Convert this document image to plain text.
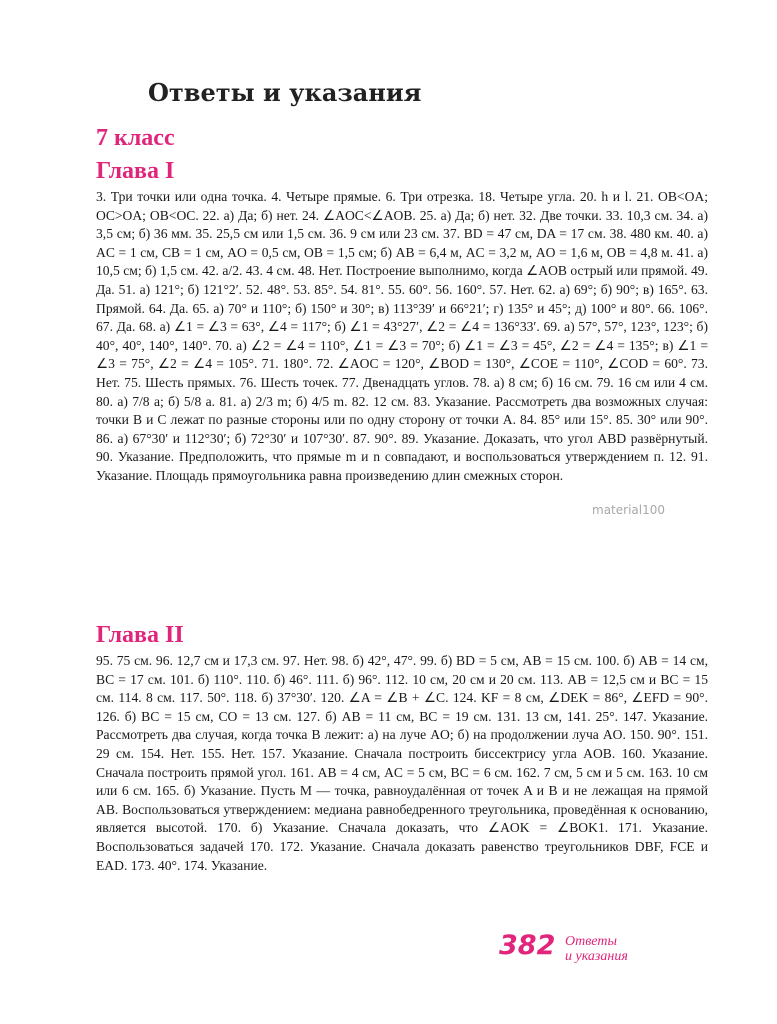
Ответы и указания
7 класс
Глава I

3. Три точки или одна точка. 4. Четыре прямые. 6. Три отрезка. 18. Четыре угла. 20. h и l. 21. OB<OA; OC>OA; OB<OC. 22. а) Да; б) нет. 24. ∠AOC<∠AOB. 25. а) Да; б) нет. 32. Две точки. 33. 10,3 см. 34. а) 3,5 см; б) 36 мм. 35. 25,5 см или 1,5 см. 36. 9 см или 23 см. 37. BD = 47 см, DA = 17 см. 38. 480 км. 40. а) AC = 1 см, CB = 1 см, AO = 0,5 см, OB = 1,5 см; б) AB = 6,4 м, AC = 3,2 м, AO = 1,6 м, OB = 4,8 м. 41. а) 10,5 см; б) 1,5 см. 42. a/2. 43. 4 см. 48. Нет. Построение выполнимо, когда ∠AOB острый или прямой. 49. Да. 51. а) 121°; б) 121°2′. 52. 48°. 53. 85°. 54. 81°. 55. 60°. 56. 160°. 57. Нет. 62. а) 69°; б) 90°; в) 165°. 63. Прямой. 64. Да. 65. а) 70° и 110°; б) 150° и 30°; в) 113°39′ и 66°21′; г) 135° и 45°; д) 100° и 80°. 66. 106°. 67. Да. 68. а) ∠1 = ∠3 = 63°, ∠4 = 117°; б) ∠1 = 43°27′, ∠2 = ∠4 = 136°33′. 69. а) 57°, 57°, 123°, 123°; б) 40°, 40°, 140°, 140°. 70. а) ∠2 = ∠4 = 110°, ∠1 = ∠3 = 70°; б) ∠1 = ∠3 = 45°, ∠2 = ∠4 = 135°; в) ∠1 = ∠3 = 75°, ∠2 = ∠4 = 105°. 71. 180°. 72. ∠AOC = 120°, ∠BOD = 130°, ∠COE = 110°, ∠COD = 60°. 73. Нет. 75. Шесть прямых. 76. Шесть точек. 77. Двенадцать углов. 78. а) 8 см; б) 16 см. 79. 16 см или 4 см. 80. а) 7/8 a; б) 5/8 a. 81. а) 2/3 m; б) 4/5 m. 82. 12 см. 83. Указание. Рассмотреть два возможных случая: точки B и C лежат по разные стороны или по одну сторону от точки A. 84. 85° или 15°. 85. 30° или 90°. 86. а) 67°30′ и 112°30′; б) 72°30′ и 107°30′. 87. 90°. 89. Указание. Доказать, что угол ABD развёрнутый. 90. Указание. Предположить, что прямые m и n совпадают, и воспользоваться утверждением п. 12. 91. Указание. Площадь прямоугольника равна произведению длин смежных сторон.

material100
Глава II

95. 75 см. 96. 12,7 см и 17,3 см. 97. Нет. 98. б) 42°, 47°. 99. б) BD = 5 см, AB = 15 см. 100. б) AB = 14 см, BC = 17 см. 101. б) 110°. 110. б) 46°. 111. б) 96°. 112. 10 см, 20 см и 20 см. 113. AB = 12,5 см и BC = 15 см. 114. 8 см. 117. 50°. 118. б) 37°30′. 120. ∠A = ∠B + ∠C. 124. KF = 8 см, ∠DEK = 86°, ∠EFD = 90°. 126. б) BC = 15 см, CO = 13 см. 127. б) AB = 11 см, BC = 19 см. 131. 13 см, 141. 25°. 147. Указание. Рассмотреть два случая, когда точка B лежит: а) на луче AO; б) на продолжении луча AO. 150. 90°. 151. 29 см. 154. Нет. 155. Нет. 157. Указание. Сначала построить биссектрису угла AOB. 160. Указание. Сначала построить прямой угол. 161. AB = 4 см, AC = 5 см, BC = 6 см. 162. 7 см, 5 см и 5 см. 163. 10 см или 6 см. 165. б) Указание. Пусть M — точка, равноудалённая от точек A и B и не лежащая на прямой AB. Воспользоваться утверждением: медиана равнобедренного треугольника, проведённая к основанию, является высотой. 170. б) Указание. Сначала доказать, что ∠AOK = ∠BOK1. 171. Указание. Воспользоваться задачей 170. 172. Указание. Сначала доказать равенство треугольников DBF, FCE и EAD. 173. 40°. 174. Указание.

382 Ответы
и указания
